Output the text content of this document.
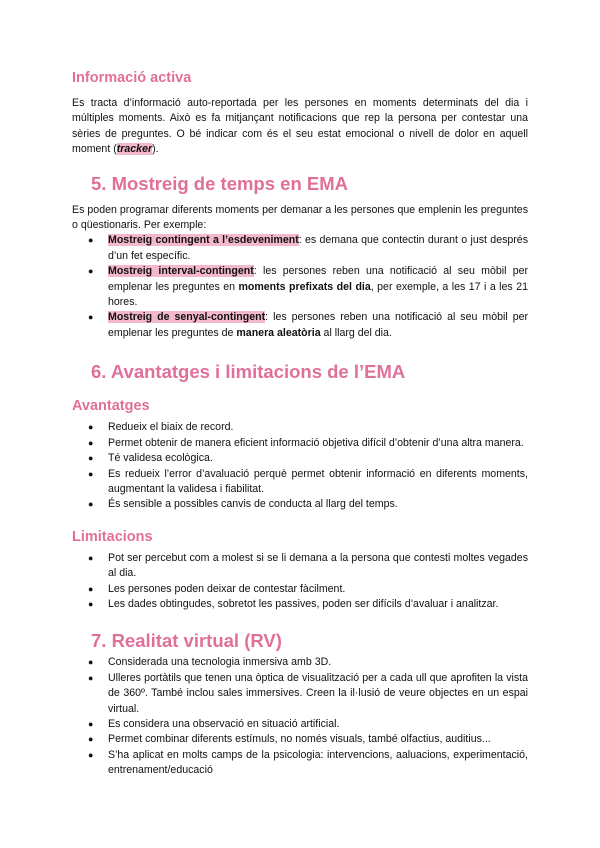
Informació activa

Es tracta d’informació auto-reportada per les persones en moments determinats del dia i múltiples moments. Això es fa mitjançant notificacions que rep la persona per contestar una sèries de preguntes. O bé indicar com és el seu estat emocional o nivell de dolor en aquell moment (tracker).

5. Mostreig de temps en EMA

Es poden programar diferents moments per demanar a les persones que emplenin les preguntes o qüestionaris. Per exemple:

● Mostreig contingent a l’esdeveniment: es demana que contectin durant o just després d’un fet específic.
● Mostreig interval-contingent: les persones reben una notificació al seu mòbil per emplenar les preguntes en moments prefixats del dia, per exemple, a les 17 i a les 21 hores.
● Mostreig de senyal-contingent: les persones reben una notificació al seu mòbil per emplenar les preguntes de manera aleatòria al llarg del dia.
6. Avantatges i limitacions de l’EMA
Avantatges
● Redueix el biaix de record.
● Permet obtenir de manera eficient informació objetiva difícil d’obtenir d’una altra manera.
● Té validesa ecològica.
● Es redueix l’error d’avaluació perquè permet obtenir informació en diferents moments, augmentant la validesa i fiabilitat.
● És sensible a possibles canvis de conducta al llarg del temps.
Limitacions
● Pot ser percebut com a molest si se li demana a la persona que contesti moltes vegades al dia.
● Les persones poden deixar de contestar fàcilment.
● Les dades obtingudes, sobretot les passives, poden ser difícils d’avaluar i analitzar.
7. Realitat virtual (RV)
● Considerada una tecnologia inmersiva amb 3D.
● Ulleres portàtils que tenen una òptica de visualització per a cada ull que aprofiten la vista de 360º. També inclou sales immersives. Creen la il·lusió de veure objectes en un espai virtual.
● Es considera una observació en situació artificial.
● Permet combinar diferents estímuls, no només visuals, també olfactius, auditius...
● S’ha aplicat en molts camps de la psicologia: intervencions, aaluacions, experimentació, entrenament/educació
